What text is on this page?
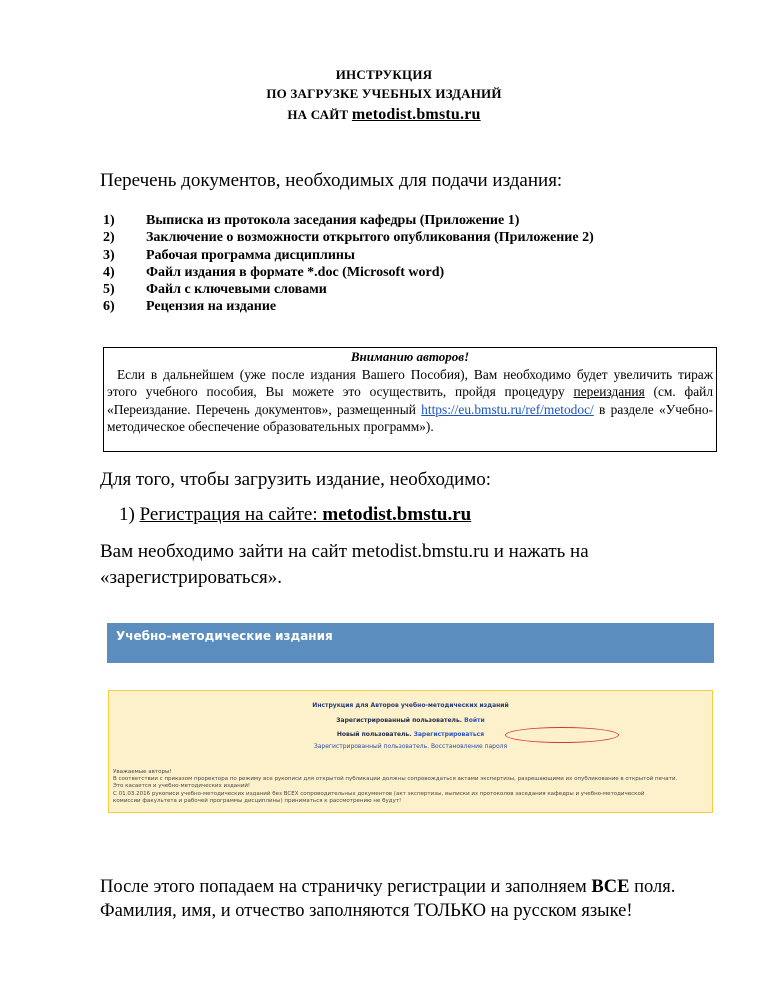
ИНСТРУКЦИЯ
ПО ЗАГРУЗКЕ УЧЕБНЫХ ИЗДАНИЙ
НА САЙТ metodist.bmstu.ru
Перечень документов, необходимых для подачи издания:
1)	Выписка из протокола заседания кафедры (Приложение 1)
2)	Заключение о возможности открытого опубликования (Приложение 2)
3)	Рабочая программа дисциплины
4)	Файл издания в формате *.doc (Microsoft word)
5)	Файл с ключевыми словами
6)	Рецензия на издание
Вниманию авторов!
Если в дальнейшем (уже после издания Вашего Пособия), Вам необходимо будет увеличить тираж этого учебного пособия, Вы можете это осуществить, пройдя процедуру переиздания (см. файл «Переиздание. Перечень документов», размещенный https://eu.bmstu.ru/ref/metodoc/ в разделе «Учебно-методическое обеспечение образовательных программ»).
Для того, чтобы загрузить издание, необходимо:
1) Регистрация на сайте: metodist.bmstu.ru
Вам необходимо зайти на сайт metodist.bmstu.ru и нажать на «зарегистрироваться».
Учебно-методические издания
Инструкция для Авторов учебно-методических изданий
Зарегистрированный пользователь. Войти
Новый пользователь. Зарегистрироваться
Зарегистрированный пользователь. Восстановление пароля
Уважаемые авторы!
В соответствии с приказом проректора по режиму все рукописи для открытой публикации должны сопровождаться актами экспертизы, разрешающими их опубликование в открытой печати.
Это касается и учебно-методических изданий!
С 01.03.2016 рукописи учебно-методических изданий без ВСЕХ сопроводительных документов (акт экспертизы, выписки из протоколов заседания кафедры и учебно-методической
комиссии факультета и рабочей программы дисциплины) приниматься к рассмотрению не будут!
После этого попадаем на страничку регистрации и заполняем ВСЕ поля. Фамилия, имя, и отчество заполняются ТОЛЬКО на русском языке!
